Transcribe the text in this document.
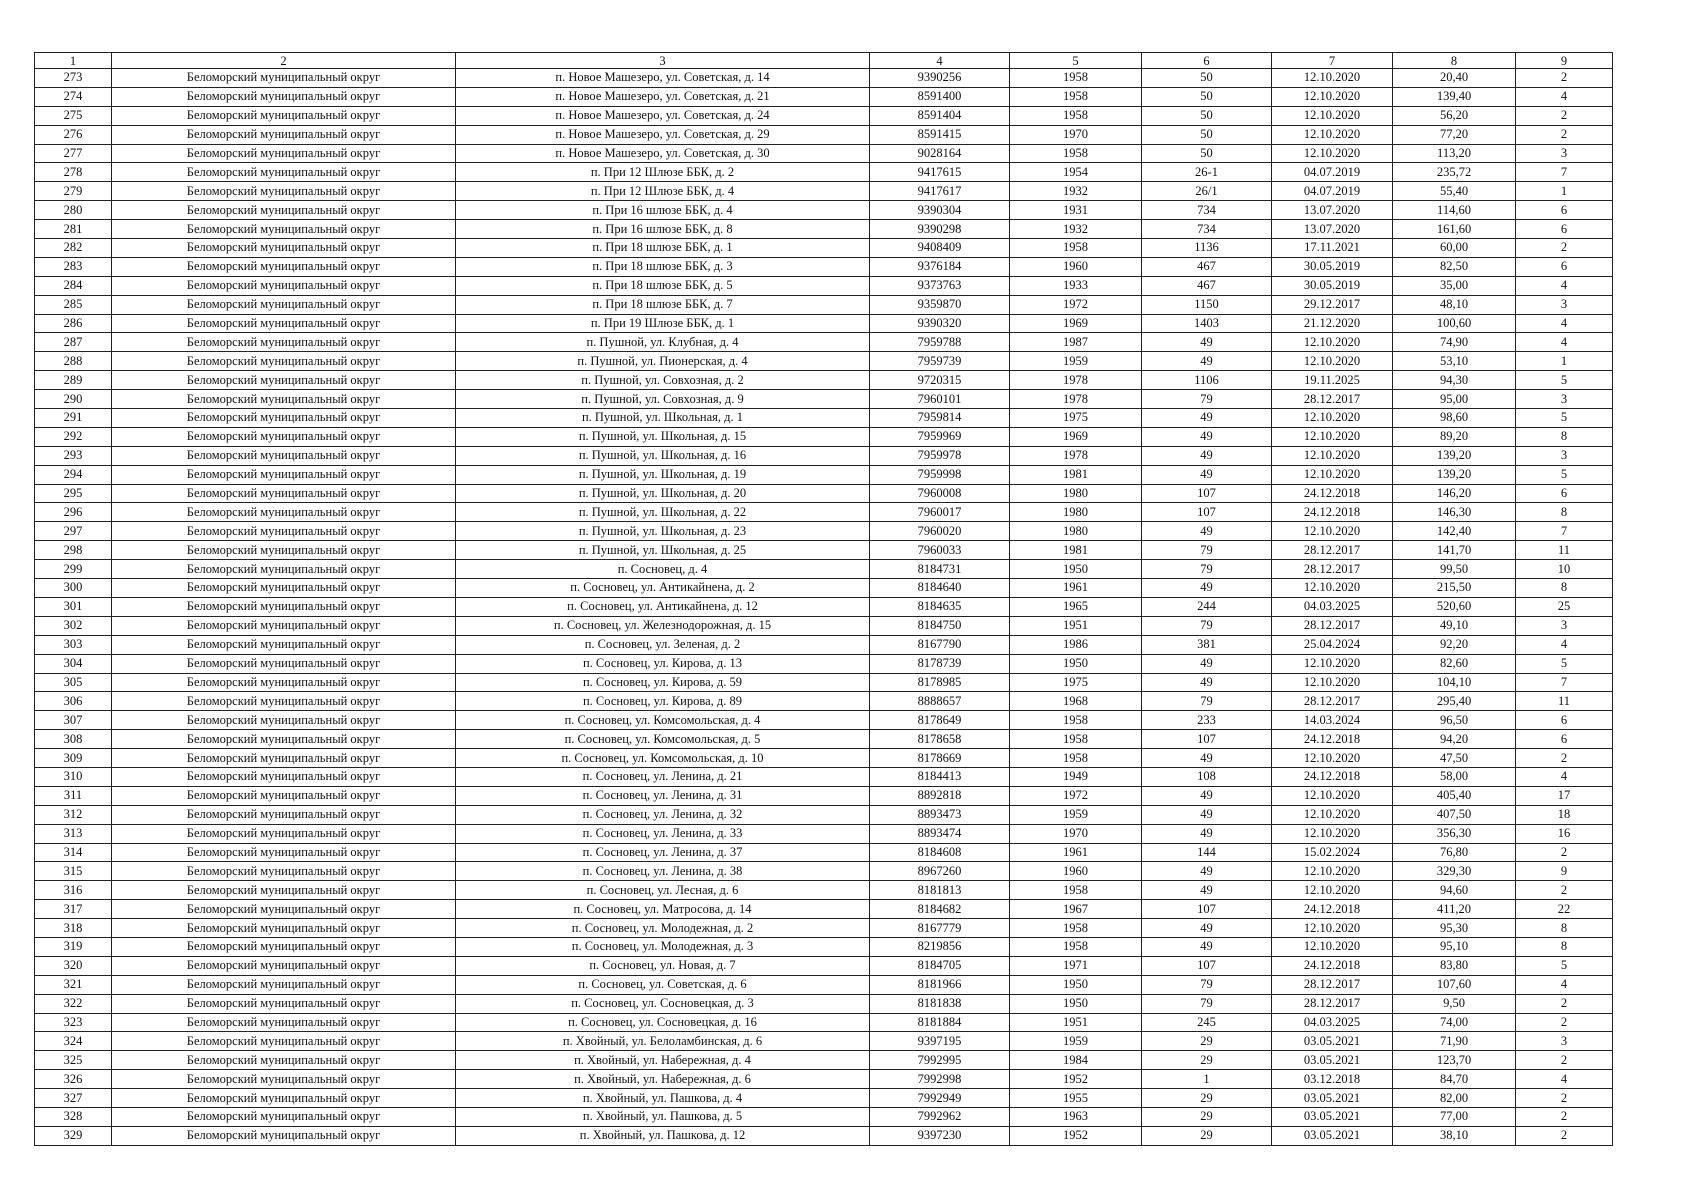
1	2	3	4	5	6	7	8	9
273	Беломорский муниципальный округ	п. Новое Машезеро, ул. Советская, д. 14	9390256	1958	50	12.10.2020	20,40	2
274	Беломорский муниципальный округ	п. Новое Машезеро, ул. Советская, д. 21	8591400	1958	50	12.10.2020	139,40	4
275	Беломорский муниципальный округ	п. Новое Машезеро, ул. Советская, д. 24	8591404	1958	50	12.10.2020	56,20	2
276	Беломорский муниципальный округ	п. Новое Машезеро, ул. Советская, д. 29	8591415	1970	50	12.10.2020	77,20	2
277	Беломорский муниципальный округ	п. Новое Машезеро, ул. Советская, д. 30	9028164	1958	50	12.10.2020	113,20	3
278	Беломорский муниципальный округ	п. При 12 Шлюзе ББК, д. 2	9417615	1954	26-1	04.07.2019	235,72	7
279	Беломорский муниципальный округ	п. При 12 Шлюзе ББК, д. 4	9417617	1932	26/1	04.07.2019	55,40	1
280	Беломорский муниципальный округ	п. При 16 шлюзе ББК, д. 4	9390304	1931	734	13.07.2020	114,60	6
281	Беломорский муниципальный округ	п. При 16 шлюзе ББК, д. 8	9390298	1932	734	13.07.2020	161,60	6
282	Беломорский муниципальный округ	п. При 18 шлюзе ББК, д. 1	9408409	1958	1136	17.11.2021	60,00	2
283	Беломорский муниципальный округ	п. При 18 шлюзе ББК, д. 3	9376184	1960	467	30.05.2019	82,50	6
284	Беломорский муниципальный округ	п. При 18 шлюзе ББК, д. 5	9373763	1933	467	30.05.2019	35,00	4
285	Беломорский муниципальный округ	п. При 18 шлюзе ББК, д. 7	9359870	1972	1150	29.12.2017	48,10	3
286	Беломорский муниципальный округ	п. При 19 Шлюзе ББК, д. 1	9390320	1969	1403	21.12.2020	100,60	4
287	Беломорский муниципальный округ	п. Пушной, ул. Клубная, д. 4	7959788	1987	49	12.10.2020	74,90	4
288	Беломорский муниципальный округ	п. Пушной, ул. Пионерская, д. 4	7959739	1959	49	12.10.2020	53,10	1
289	Беломорский муниципальный округ	п. Пушной, ул. Совхозная, д. 2	9720315	1978	1106	19.11.2025	94,30	5
290	Беломорский муниципальный округ	п. Пушной, ул. Совхозная, д. 9	7960101	1978	79	28.12.2017	95,00	3
291	Беломорский муниципальный округ	п. Пушной, ул. Школьная, д. 1	7959814	1975	49	12.10.2020	98,60	5
292	Беломорский муниципальный округ	п. Пушной, ул. Школьная, д. 15	7959969	1969	49	12.10.2020	89,20	8
293	Беломорский муниципальный округ	п. Пушной, ул. Школьная, д. 16	7959978	1978	49	12.10.2020	139,20	3
294	Беломорский муниципальный округ	п. Пушной, ул. Школьная, д. 19	7959998	1981	49	12.10.2020	139,20	5
295	Беломорский муниципальный округ	п. Пушной, ул. Школьная, д. 20	7960008	1980	107	24.12.2018	146,20	6
296	Беломорский муниципальный округ	п. Пушной, ул. Школьная, д. 22	7960017	1980	107	24.12.2018	146,30	8
297	Беломорский муниципальный округ	п. Пушной, ул. Школьная, д. 23	7960020	1980	49	12.10.2020	142,40	7
298	Беломорский муниципальный округ	п. Пушной, ул. Школьная, д. 25	7960033	1981	79	28.12.2017	141,70	11
299	Беломорский муниципальный округ	п. Сосновец, д. 4	8184731	1950	79	28.12.2017	99,50	10
300	Беломорский муниципальный округ	п. Сосновец, ул. Антикайнена, д. 2	8184640	1961	49	12.10.2020	215,50	8
301	Беломорский муниципальный округ	п. Сосновец, ул. Антикайнена, д. 12	8184635	1965	244	04.03.2025	520,60	25
302	Беломорский муниципальный округ	п. Сосновец, ул. Железнодорожная, д. 15	8184750	1951	79	28.12.2017	49,10	3
303	Беломорский муниципальный округ	п. Сосновец, ул. Зеленая, д. 2	8167790	1986	381	25.04.2024	92,20	4
304	Беломорский муниципальный округ	п. Сосновец, ул. Кирова, д. 13	8178739	1950	49	12.10.2020	82,60	5
305	Беломорский муниципальный округ	п. Сосновец, ул. Кирова, д. 59	8178985	1975	49	12.10.2020	104,10	7
306	Беломорский муниципальный округ	п. Сосновец, ул. Кирова, д. 89	8888657	1968	79	28.12.2017	295,40	11
307	Беломорский муниципальный округ	п. Сосновец, ул. Комсомольская, д. 4	8178649	1958	233	14.03.2024	96,50	6
308	Беломорский муниципальный округ	п. Сосновец, ул. Комсомольская, д. 5	8178658	1958	107	24.12.2018	94,20	6
309	Беломорский муниципальный округ	п. Сосновец, ул. Комсомольская, д. 10	8178669	1958	49	12.10.2020	47,50	2
310	Беломорский муниципальный округ	п. Сосновец, ул. Ленина, д. 21	8184413	1949	108	24.12.2018	58,00	4
311	Беломорский муниципальный округ	п. Сосновец, ул. Ленина, д. 31	8892818	1972	49	12.10.2020	405,40	17
312	Беломорский муниципальный округ	п. Сосновец, ул. Ленина, д. 32	8893473	1959	49	12.10.2020	407,50	18
313	Беломорский муниципальный округ	п. Сосновец, ул. Ленина, д. 33	8893474	1970	49	12.10.2020	356,30	16
314	Беломорский муниципальный округ	п. Сосновец, ул. Ленина, д. 37	8184608	1961	144	15.02.2024	76,80	2
315	Беломорский муниципальный округ	п. Сосновец, ул. Ленина, д. 38	8967260	1960	49	12.10.2020	329,30	9
316	Беломорский муниципальный округ	п. Сосновец, ул. Лесная, д. 6	8181813	1958	49	12.10.2020	94,60	2
317	Беломорский муниципальный округ	п. Сосновец, ул. Матросова, д. 14	8184682	1967	107	24.12.2018	411,20	22
318	Беломорский муниципальный округ	п. Сосновец, ул. Молодежная, д. 2	8167779	1958	49	12.10.2020	95,30	8
319	Беломорский муниципальный округ	п. Сосновец, ул. Молодежная, д. 3	8219856	1958	49	12.10.2020	95,10	8
320	Беломорский муниципальный округ	п. Сосновец, ул. Новая, д. 7	8184705	1971	107	24.12.2018	83,80	5
321	Беломорский муниципальный округ	п. Сосновец, ул. Советская, д. 6	8181966	1950	79	28.12.2017	107,60	4
322	Беломорский муниципальный округ	п. Сосновец, ул. Сосновецкая, д. 3	8181838	1950	79	28.12.2017	9,50	2
323	Беломорский муниципальный округ	п. Сосновец, ул. Сосновецкая, д. 16	8181884	1951	245	04.03.2025	74,00	2
324	Беломорский муниципальный округ	п. Хвойный, ул. Белоламбинская, д. 6	9397195	1959	29	03.05.2021	71,90	3
325	Беломорский муниципальный округ	п. Хвойный, ул. Набережная, д. 4	7992995	1984	29	03.05.2021	123,70	2
326	Беломорский муниципальный округ	п. Хвойный, ул. Набережная, д. 6	7992998	1952	1	03.12.2018	84,70	4
327	Беломорский муниципальный округ	п. Хвойный, ул. Пашкова, д. 4	7992949	1955	29	03.05.2021	82,00	2
328	Беломорский муниципальный округ	п. Хвойный, ул. Пашкова, д. 5	7992962	1963	29	03.05.2021	77,00	2
329	Беломорский муниципальный округ	п. Хвойный, ул. Пашкова, д. 12	9397230	1952	29	03.05.2021	38,10	2
